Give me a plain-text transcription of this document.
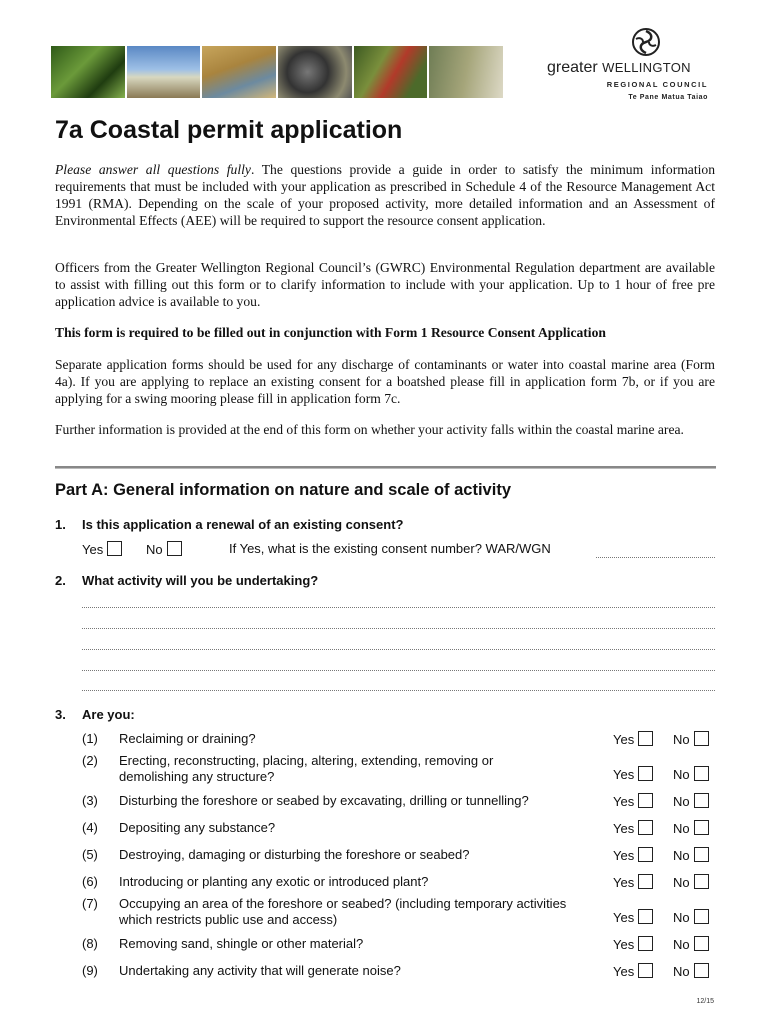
greater WELLINGTON
REGIONAL COUNCIL
Te Pane Matua Taiao
7a Coastal permit application

Please answer all questions fully. The questions provide a guide in order to satisfy the minimum information requirements that must be included with your application as prescribed in Schedule 4 of the Resource Management Act 1991 (RMA). Depending on the scale of your proposed activity, more detailed information and an Assessment of Environmental Effects (AEE) will be required to support the resource consent application.

Officers from the Greater Wellington Regional Council’s (GWRC) Environmental Regulation department are available to assist with filling out this form or to clarify information to include with your application. Up to 1 hour of free pre application advice is available to you.

This form is required to be filled out in conjunction with Form 1 Resource Consent Application

Separate application forms should be used for any discharge of contaminants or water into coastal marine area (Form 4a). If you are applying to replace an existing consent for a boatshed please fill in application form 7b, or if you are applying for a swing mooring please fill in application form 7c.

Further information is provided at the end of this form on whether your activity falls within the coastal marine area.

Part A: General information on nature and scale of activity
1. Is this application a renewal of an existing consent?
Yes	No	If Yes, what is the existing consent number? WAR/WGN
2. What activity will you be undertaking?
3. Are you:
(1) Reclaiming or draining?	Yes	No
(2) Erecting, reconstructing, placing, altering, extending, removing or
demolishing any structure?	Yes	No
(3) Disturbing the foreshore or seabed by excavating, drilling or tunnelling?	Yes	No
(4) Depositing any substance?	Yes	No
(5) Destroying, damaging or disturbing the foreshore or seabed?	Yes	No
(6) Introducing or planting any exotic or introduced plant?	Yes	No
(7) Occupying an area of the foreshore or seabed? (including temporary activities
which restricts public use and access)	Yes	No
(8) Removing sand, shingle or other material?	Yes	No
(9) Undertaking any activity that will generate noise?	Yes	No
12/15
